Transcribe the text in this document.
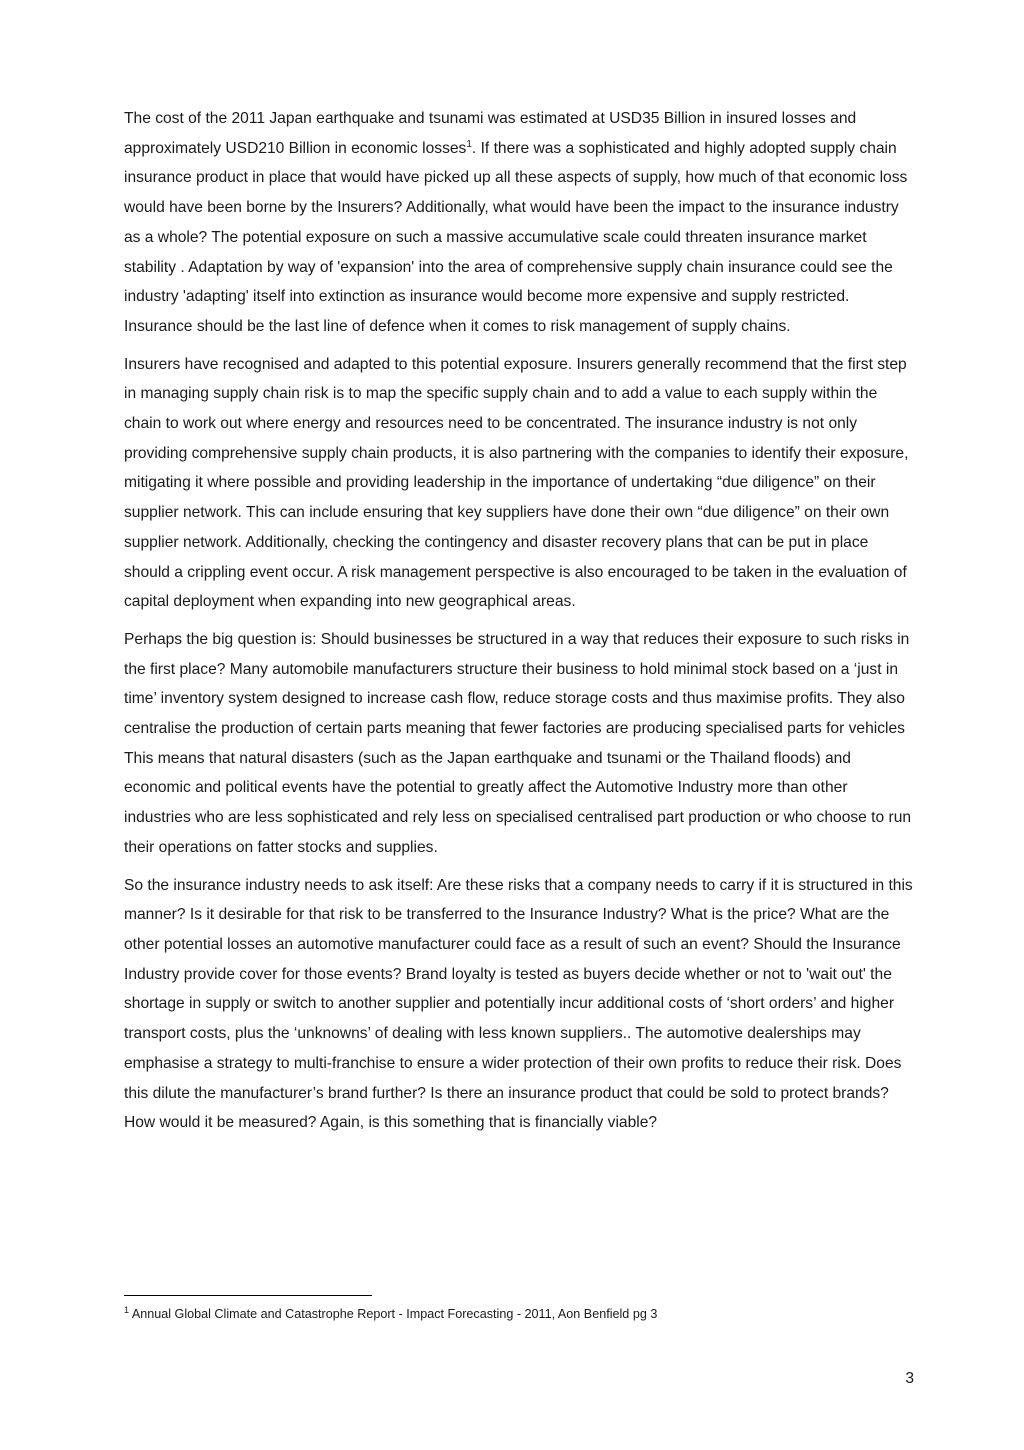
The cost of the 2011 Japan earthquake and tsunami was estimated at USD35 Billion in insured losses and approximately USD210 Billion in economic losses$^1$. If there was a sophisticated and highly adopted supply chain insurance product in place that would have picked up all these aspects of supply, how much of that economic loss would have been borne by the Insurers? Additionally, what would have been the impact to the insurance industry as a whole? The potential exposure on such a massive accumulative scale could threaten insurance market stability . Adaptation by way of 'expansion' into the area of comprehensive supply chain insurance could see the industry 'adapting' itself into extinction as insurance would become more expensive and supply restricted. Insurance should be the last line of defence when it comes to risk management of supply chains.

Insurers have recognised and adapted to this potential exposure. Insurers generally recommend that the first step in managing supply chain risk is to map the specific supply chain and to add a value to each supply within the chain to work out where energy and resources need to be concentrated. The insurance industry is not only providing comprehensive supply chain products, it is also partnering with the companies to identify their exposure, mitigating it where possible and providing leadership in the importance of undertaking “due diligence” on their supplier network. This can include ensuring that key suppliers have done their own “due diligence” on their own supplier network. Additionally, checking the contingency and disaster recovery plans that can be put in place should a crippling event occur. A risk management perspective is also encouraged to be taken in the evaluation of capital deployment when expanding into new geographical areas.

Perhaps the big question is: Should businesses be structured in a way that reduces their exposure to such risks in the first place? Many automobile manufacturers structure their business to hold minimal stock based on a ‘just in time’ inventory system designed to increase cash flow, reduce storage costs and thus maximise profits. They also centralise the production of certain parts meaning that fewer factories are producing specialised parts for vehicles This means that natural disasters (such as the Japan earthquake and tsunami or the Thailand floods) and economic and political events have the potential to greatly affect the Automotive Industry more than other industries who are less sophisticated and rely less on specialised centralised part production or who choose to run their operations on fatter stocks and supplies.

So the insurance industry needs to ask itself: Are these risks that a company needs to carry if it is structured in this manner? Is it desirable for that risk to be transferred to the Insurance Industry? What is the price? What are the other potential losses an automotive manufacturer could face as a result of such an event? Should the Insurance Industry provide cover for those events? Brand loyalty is tested as buyers decide whether or not to 'wait out' the shortage in supply or switch to another supplier and potentially incur additional costs of ‘short orders’ and higher transport costs, plus the ‘unknowns’ of dealing with less known suppliers.. The automotive dealerships may emphasise a strategy to multi-franchise to ensure a wider protection of their own profits to reduce their risk. Does this dilute the manufacturer’s brand further? Is there an insurance product that could be sold to protect brands? How would it be measured? Again, is this something that is financially viable?

$^1$ Annual Global Climate and Catastrophe Report - Impact Forecasting - 2011, Aon Benfield pg 3

3
